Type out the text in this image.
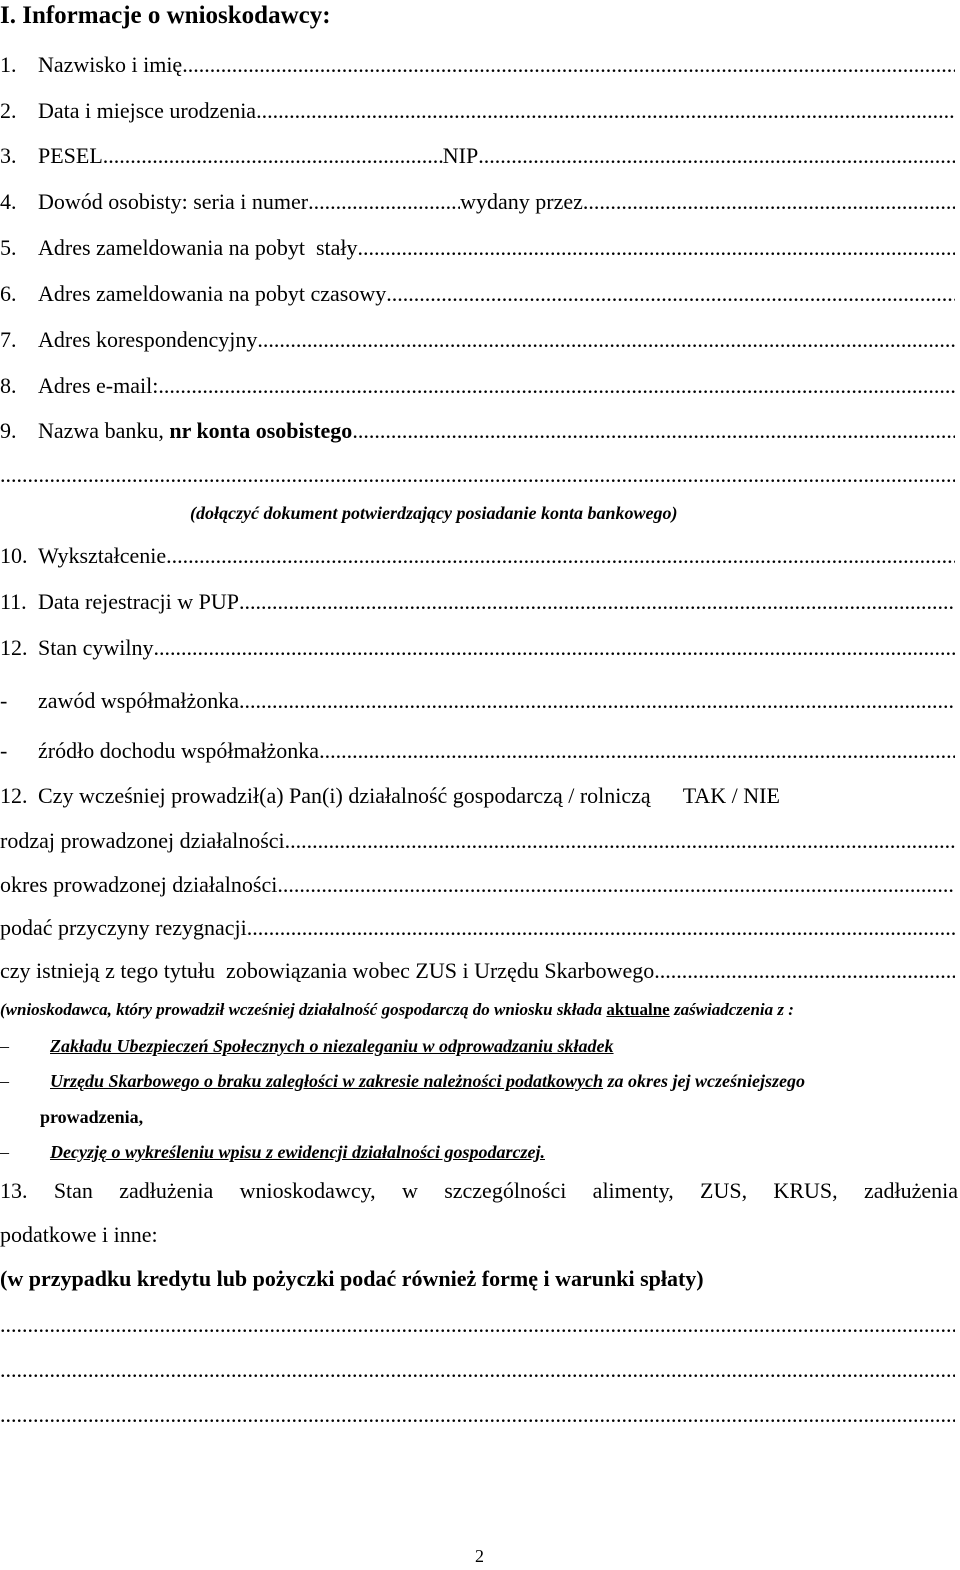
I. Informacje o wnioskodawcy:
1. Nazwisko i imię
.....
2. Data i miejsce urodzenia
.....
3. PESEL .....	NIP
.....
4. Dowód osobisty: seria i numer .....	wydany przez
.....
5. Adres zameldowania na pobyt  stały
.....
6. Adres zameldowania na pobyt czasowy
.....
7. Adres korespondencyjny
.....
8. Adres e-mail:
.....
9. Nazwa banku, nr konta osobistego
.....
.....
(dołączyć dokument potwierdzający posiadanie konta bankowego)
10. Wykształcenie
.....
11. Data rejestracji w PUP
.....
12. Stan cywilny
.....
-	zawód współmałżonka
.....
-	źródło dochodu współmałżonka
.....
12. Czy wcześniej prowadził(a) Pan(i) działalność gospodarczą / rolniczą TAK / NIE
rodzaj prowadzonej działalności
.....
okres prowadzonej działalności
.....
podać przyczyny rezygnacji
.....
czy istnieją z tego tytułu  zobowiązania wobec ZUS i Urzędu Skarbowego
.....
(wnioskodawca, który prowadził wcześniej działalność gospodarczą do wniosku składa aktualne zaświadczenia z :
– Zakładu Ubezpieczeń Społecznych o niezaleganiu w odprowadzaniu składek
– Urzędu Skarbowego o braku zaległości w zakresie należności podatkowych za okres jej wcześniejszego
prowadzenia,
– Decyzję o wykreśleniu wpisu z ewidencji działalności gospodarczej.
13. Stan zadłużenia wnioskodawcy, w szczególności alimenty, ZUS, KRUS, zadłużenia
podatkowe i inne:
(w przypadku kredytu lub pożyczki podać również formę i warunki spłaty)
.....
.....
.....
2
